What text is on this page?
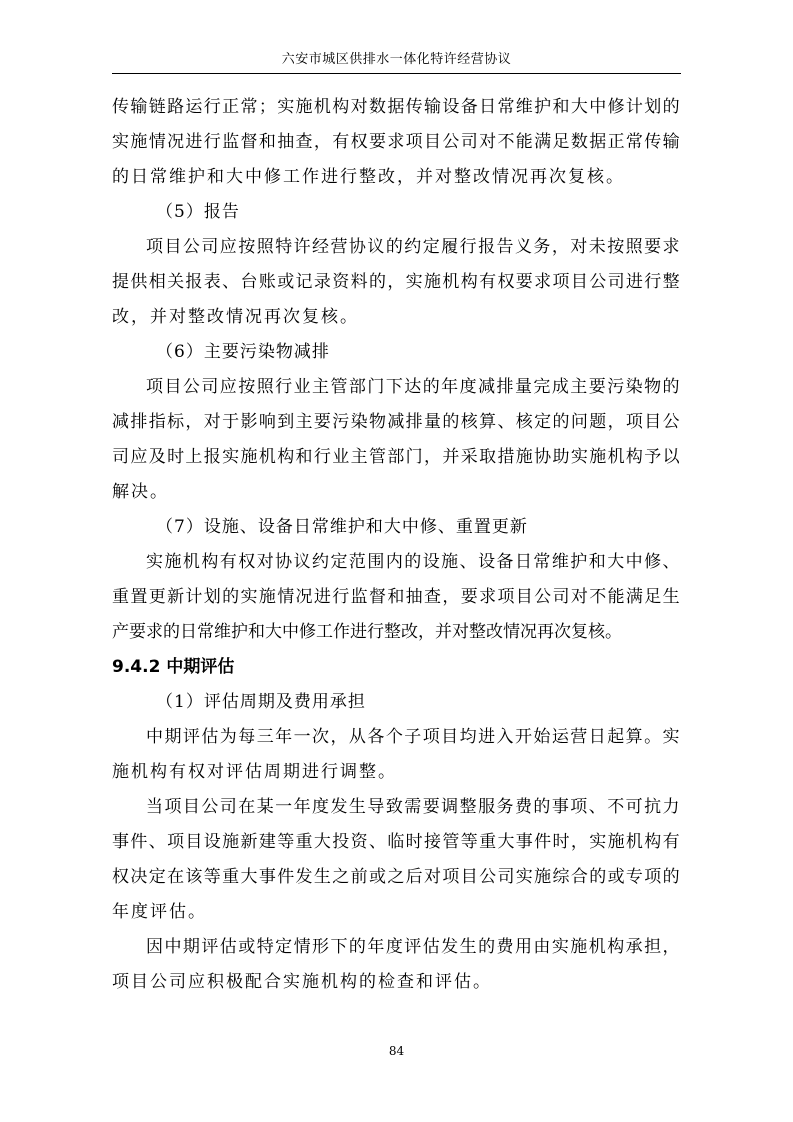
六安市城区供排水一体化特许经营协议
传输链路运行正常；实施机构对数据传输设备日常维护和大中修计划的
实施情况进行监督和抽查，有权要求项目公司对不能满足数据正常传输
的日常维护和大中修工作进行整改，并对整改情况再次复核。
（5）报告
项目公司应按照特许经营协议的约定履行报告义务，对未按照要求
提供相关报表、台账或记录资料的，实施机构有权要求项目公司进行整
改，并对整改情况再次复核。
（6）主要污染物减排
项目公司应按照行业主管部门下达的年度减排量完成主要污染物的
减排指标，对于影响到主要污染物减排量的核算、核定的问题，项目公
司应及时上报实施机构和行业主管部门，并采取措施协助实施机构予以
解决。
（7）设施、设备日常维护和大中修、重置更新
实施机构有权对协议约定范围内的设施、设备日常维护和大中修、
重置更新计划的实施情况进行监督和抽查，要求项目公司对不能满足生
产要求的日常维护和大中修工作进行整改，并对整改情况再次复核。
9.4.2 中期评估
（1）评估周期及费用承担
中期评估为每三年一次，从各个子项目均进入开始运营日起算。实
施机构有权对评估周期进行调整。
当项目公司在某一年度发生导致需要调整服务费的事项、不可抗力
事件、项目设施新建等重大投资、临时接管等重大事件时，实施机构有
权决定在该等重大事件发生之前或之后对项目公司实施综合的或专项的
年度评估。
因中期评估或特定情形下的年度评估发生的费用由实施机构承担，
项目公司应积极配合实施机构的检查和评估。
84
